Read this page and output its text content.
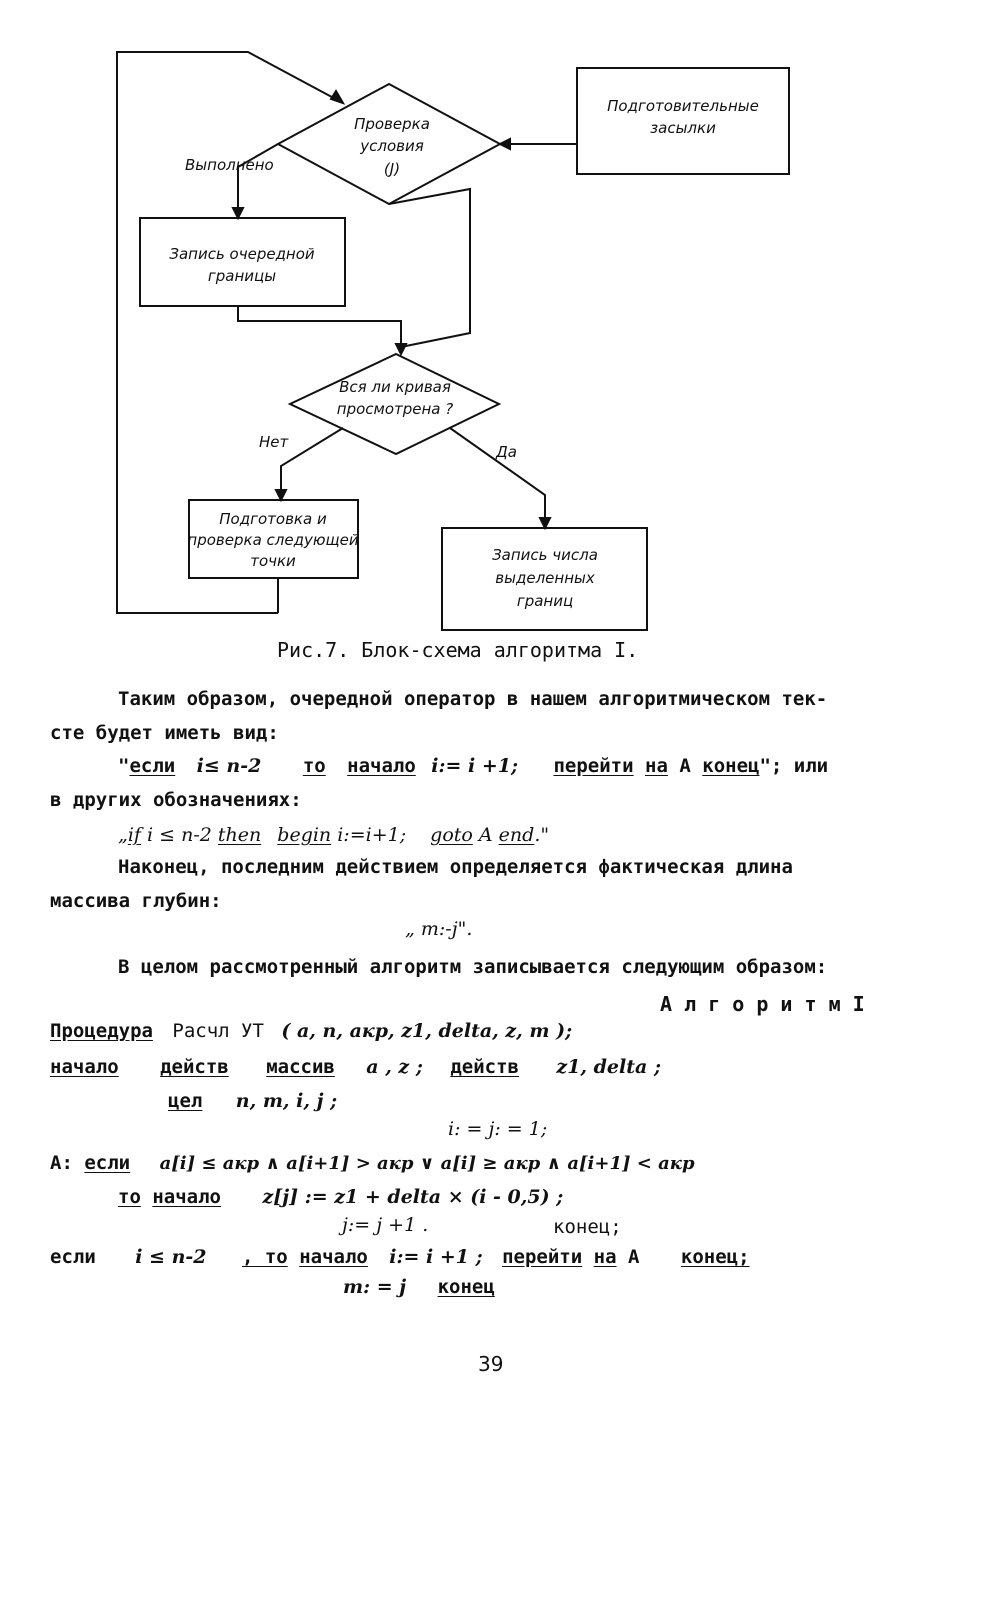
Проверка
условия
(J)
Подготовительные
засылки
Выполнено
Запись очередной
границы
Вся ли кривая
просмотрена ?
Нет
Да
Подготовка и
проверка следующей
точки	Запись числа
выделенных
границ
Рис.7. Блок-схема алгоритма I.
Таким образом, очередной оператор в нашем алгоритмическом тек-
сте будет иметь вид:
"если i≤ n-2 то начало i:= i +1; перейти на А конец"; или
в других обозначениях:
„if i ≤ n-2 then begin i:=i+1; goto A end."
Наконец, последним действием определяется фактическая длина
массива глубин:
„ m:-j".
В целом рассмотренный алгоритм записывается следующим образом:
А л г о р и т м I
Процедура Расчл УТ ( a, n, акр, z1, delta, z, m );
начало действ массив a , z ; действ z1, delta ;
цел n, m, i, j ;
i: = j: = 1;
А: если a[i] ≤ акр ∧ a[i+1] > акр ∨ a[i] ≥ акр ∧ a[i+1] < акр
то начало z[j] := z1 + delta × (i - 0,5) ;
j:= j +1 .	конец;
если i ≤ n-2 , то начало i:= i +1 ; перейти на А конец;
m: = j конец
39
